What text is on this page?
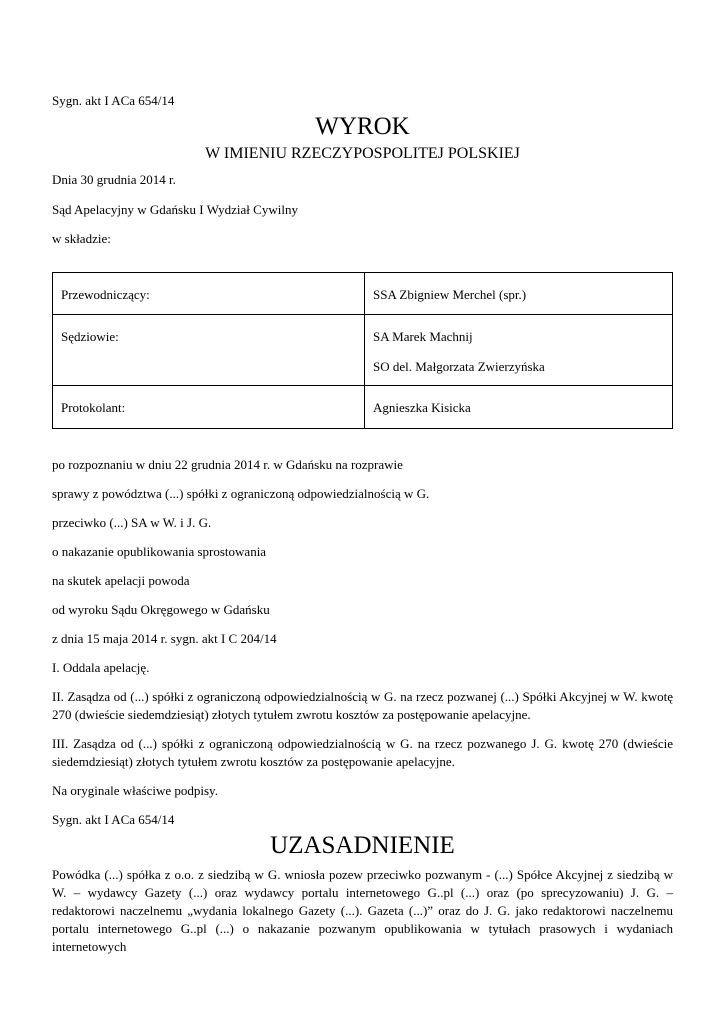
Sygn. akt I ACa 654/14

WYROK
W IMIENIU RZECZYPOSPOLITEJ POLSKIEJ

Dnia 30 grudnia 2014 r.

Sąd Apelacyjny w Gdańsku I Wydział Cywilny

w składzie:

Przewodniczący:	SSA Zbigniew Merchel (spr.)

Sędziowie:	SA Marek Machnij
SO del. Małgorzata Zwierzyńska

Protokolant:	Agnieszka Kisicka

po rozpoznaniu w dniu 22 grudnia 2014 r. w Gdańsku na rozprawie

sprawy z powództwa (...) spółki z ograniczoną odpowiedzialnością w G.

przeciwko (...) SA w W. i J. G.

o nakazanie opublikowania sprostowania

na skutek apelacji powoda

od wyroku Sądu Okręgowego w Gdańsku

z dnia 15 maja 2014 r. sygn. akt I C 204/14

I. Oddala apelację.

II. Zasądza od (...) spółki z ograniczoną odpowiedzialnością w G. na rzecz pozwanej (...) Spółki Akcyjnej w W. kwotę 270 (dwieście siedemdziesiąt) złotych tytułem zwrotu kosztów za postępowanie apelacyjne.

III. Zasądza od (...) spółki z ograniczoną odpowiedzialnością w G. na rzecz pozwanego J. G. kwotę 270 (dwieście siedemdziesiąt) złotych tytułem zwrotu kosztów za postępowanie apelacyjne.

Na oryginale właściwe podpisy.

Sygn. akt I ACa 654/14

UZASADNIENIE

Powódka (...) spółka z o.o. z siedzibą w G. wniosła pozew przeciwko pozwanym - (...) Spółce Akcyjnej z siedzibą w W. – wydawcy Gazety (...) oraz wydawcy portalu internetowego G..pl (...) oraz (po sprecyzowaniu) J. G. – redaktorowi naczelnemu „wydania lokalnego Gazety (...). Gazeta (...)” oraz do J. G. jako redaktorowi naczelnemu portalu internetowego G..pl (...) o nakazanie pozwanym opublikowania w tytułach prasowych i wydaniach internetowych
